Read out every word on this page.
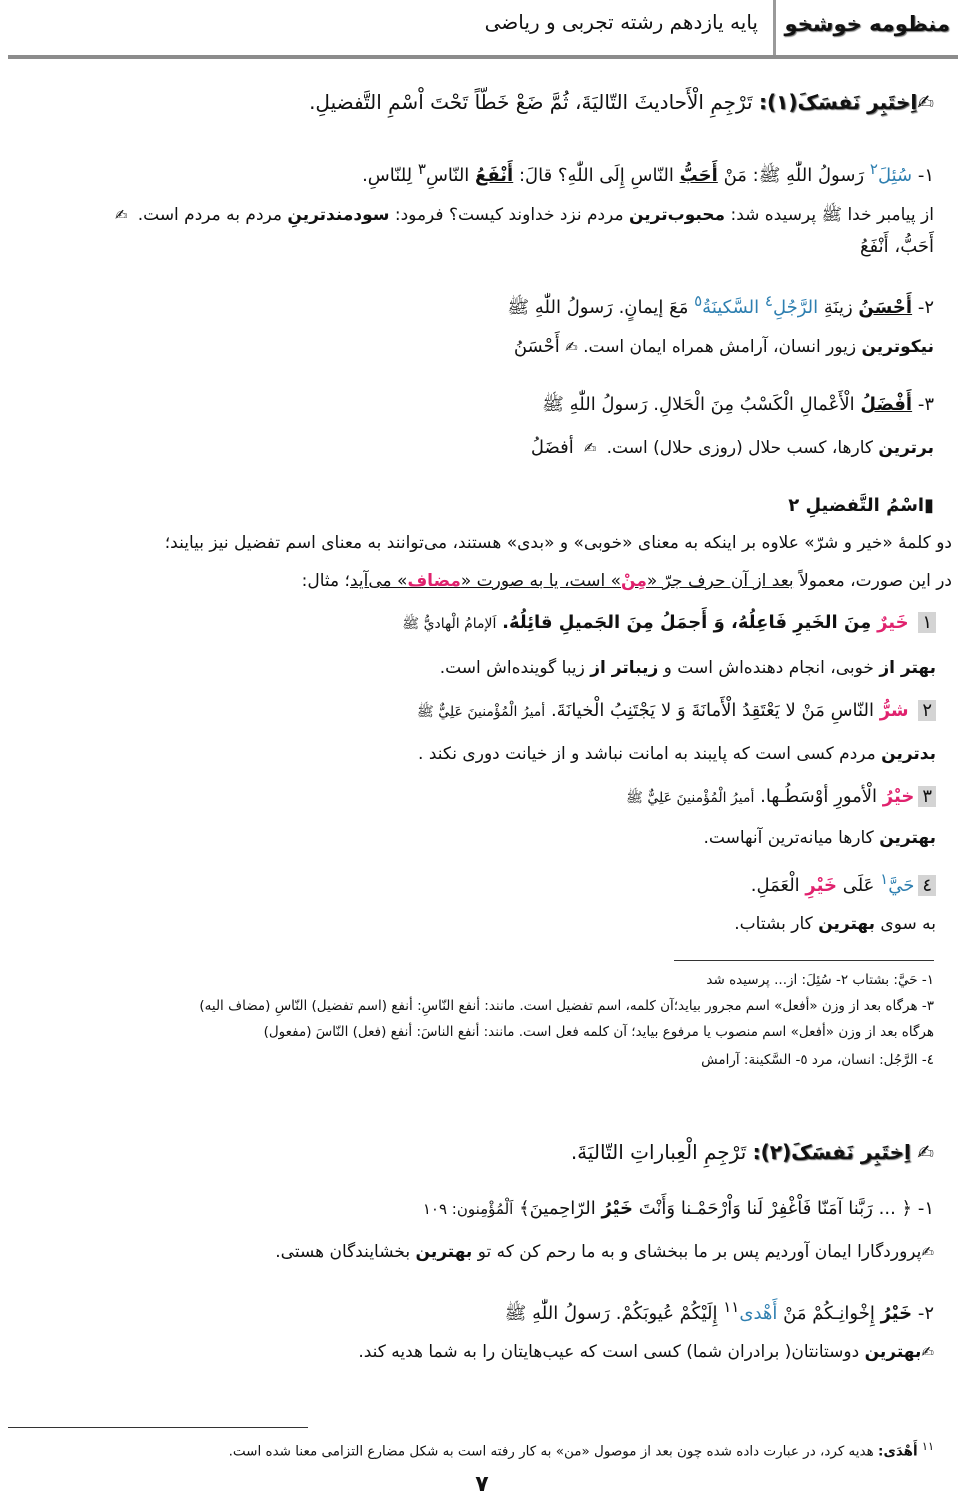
منظومه خوشخو
پایه یازدهم رشته تجربی و ریاضی
✍اِختَبِر نَفسَکَ(١): تَرْجِمِ الْأَحاديثَ التّاليَةَ، ثُمَّ ضَعْ خَطّاً تَحْتَ اْسْمِ التَّفضيلِ.
١- سُئِلَ$^٢$ رَسولُ اللّٰهِ ﷺ: مَنْ أَحَبُّ النّاسِ إِلَى اللّٰهِ؟ قالَ: أَنْفَعُ النّاسِ$^٣$ لِلنّاسِ.
از پیامبر خدا ﷺ پرسیده شد: محبوب‌ترین مردم نزد خداوند کیست؟ فرمود: سودمندترینِ مردم به مردم است.  ✍
أَحَبُّ، أَنْفَعُ
٢- أَحْسَنُ زينَةِ الرَّجُلِ$^٤$ السَّكينَةُ$^٥$ مَعَ إيمانٍ. رَسولُ اللّٰهِ ﷺ
نیکوترین زیور انسان، آرامش همراه ایمان است. ✍ أَحْسَنُ
٣- أَفْضَلُ الْأَعْمالِ الْكَسْبُ مِنَ الْحَلالِ. رَسولُ اللّٰهِ ﷺ
برترین کارها، کسب حلال (روزی حلال) است.  ✍  أفضَلُ
▮اسْمُ التَّفضيلِ ٢
دو کلمهٔ «خیر و شرّ» علاوه بر اینکه به معنای «خوبی» و «بدی» هستند، می‌توانند به معنای اسم تفضیل نیز بیایند؛
در این صورت، معمولاً بعد از آن حرف جرّ «مِنْ» است، یا به صورت «مضاف» می‌آید؛ مثال:
١ خَيرٌ مِنَ الخَيرِ فَاعِلُهُ، وَ أَجمَلُ مِنَ الجَميلِ قائِلُهُ. اَلإمامُ الْهاديُّ ﷺ
بهتر از خوبی، انجام دهنده‌اش است و زیباتر از زیبا گوینده‌اش است.
٢ شرُّ النّاسِ مَنْ لا يَعْتَقِدُ الْأَمانَةَ وَ لا يَجْتَنِبُ الْخيانَةَ. أميرُ الْمُؤْمنينَ عَلِيٌّ ﷺ
بدترین مردم کسی است که پایبند به امانت نباشد و از خیانت دوری نکند .
٣خيْرُ الْأمورِ أوْسَطُـها. أميرُ الْمُؤْمنينَ عَلِيٌّ ﷺ
بهترین کارها میانه‌ترین آنهاست.
٤حَيَّ$^١$ عَلَى خَيْرِ الْعَمَلِ.
به سوی بهترین کار بشتاب.
١- حَيَّ: بشتاب ٢- سُئِلَ: از... پرسیده شد
٣- هرگاه بعد از وزن «أفعل» اسم مجرور بیاید؛آن کلمه، اسم تفضیل است. مانند: أنفع النّاسِ: أنفع (اسم تفضیل) النّاسِ (مضاف الیه)
هرگاه بعد از وزن «أفعل» اسم منصوب یا مرفوع بیاید؛ آن کلمه فعل است. مانند: أنفع الناسَ: أنفع (فعل) النّاسَ (مفعول)
٤- الرَّجُل: انسان، مرد ٥- السَّكينة: آرامش
✍ اِختَبِر نَفسَکَ(٢): تَرْجِمِ الْعِباراتِ التّاليَةَ.
١- ﴿ ... رَبَّنا آمَنّا فَاْغْفِرْ لَنا وَاْرْحَمْـنا وَأَنْتَ خَيْرُ الرّاحِمينَ﴾ اَلْمُؤْمِنون: ١٠٩
✍پروردگارا ایمان آوردیم پس بر ما ببخشای و به ما رحم کن که تو بهترین بخشایندگان هستی.
٢- خَيْرُ إِخْوانِـكُمْ مَنْ أَهْدى$^{١١}$ إِلَيْكُمْ عُيوبَكُمْ. رَسولُ اللّٰهِ ﷺ
✍بهترین دوستانتان( برادران شما) کسی است که عیب‌هایتان را به شما هدیه کند.
$^{١١}$ أَهْدَى: هدیه کرد، در عبارت داده شده چون بعد از موصول «من» به کار رفته است به شکل مضارع التزامی معنا شده است.
٧
